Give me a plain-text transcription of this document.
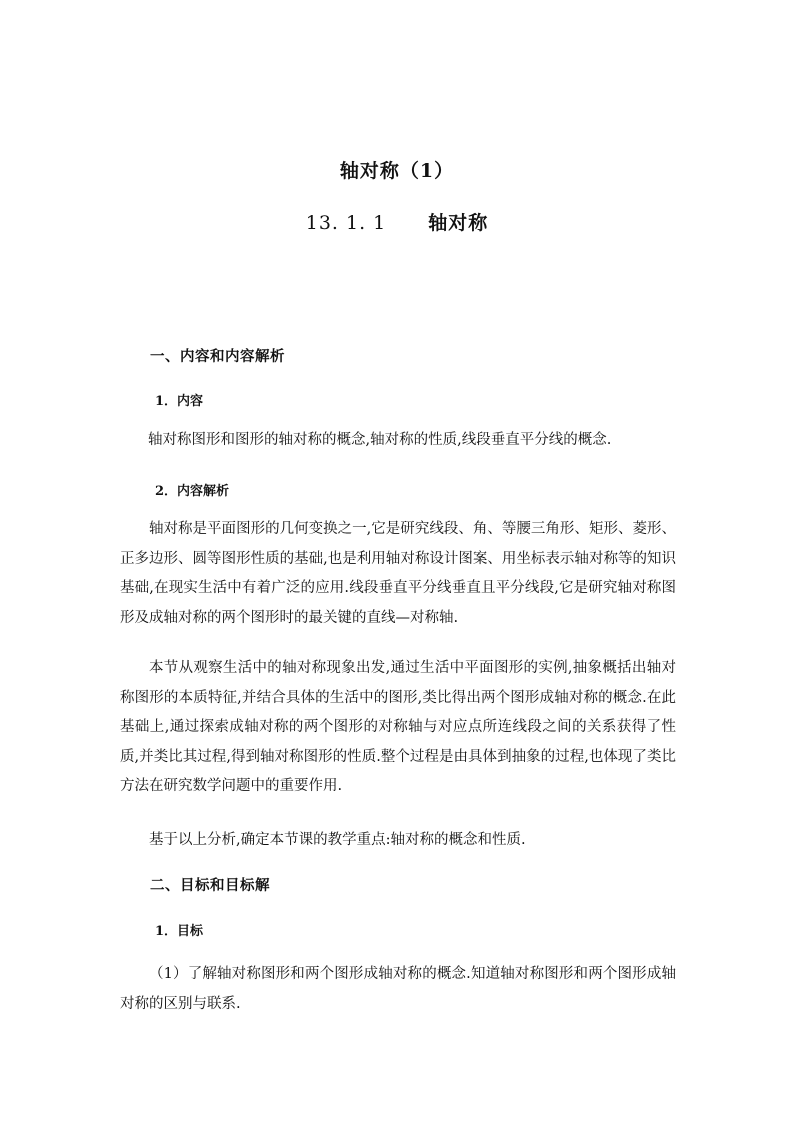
轴对称（1）
13. 1. 1 轴对称
一、内容和内容解析
1．内容

轴对称图形和图形的轴对称的概念,轴对称的性质,线段垂直平分线的概念.

2．内容解析

轴对称是平面图形的几何变换之一,它是研究线段、角、等腰三角形、矩形、菱形、正多边形、圆等图形性质的基础,也是利用轴对称设计图案、用坐标表示轴对称等的知识基础,在现实生活中有着广泛的应用.线段垂直平分线垂直且平分线段,它是研究轴对称图形及成轴对称的两个图形时的最关键的直线—对称轴.

本节从观察生活中的轴对称现象出发,通过生活中平面图形的实例,抽象概括出轴对称图形的本质特征,并结合具体的生活中的图形,类比得出两个图形成轴对称的概念.在此基础上,通过探索成轴对称的两个图形的对称轴与对应点所连线段之间的关系获得了性质,并类比其过程,得到轴对称图形的性质.整个过程是由具体到抽象的过程,也体现了类比方法在研究数学问题中的重要作用.

基于以上分析,确定本节课的教学重点:轴对称的概念和性质.

二、目标和目标解
1．目标

（1）了解轴对称图形和两个图形成轴对称的概念.知道轴对称图形和两个图形成轴对称的区别与联系.
